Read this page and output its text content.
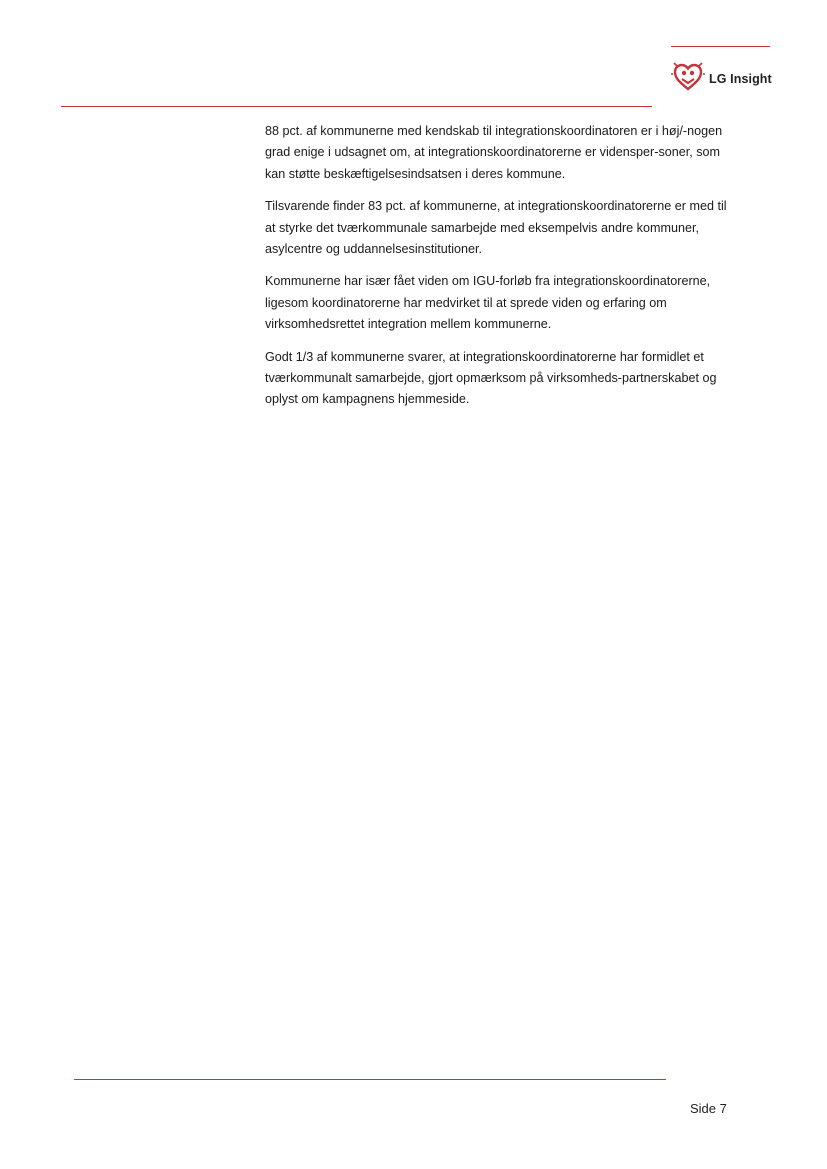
LG Insight

88 pct. af kommunerne med kendskab til integrationskoordinatoren er i høj/-nogen grad enige i udsagnet om, at integrationskoordinatorerne er vidensper-soner, som kan støtte beskæftigelsesindsatsen i deres kommune.

Tilsvarende finder 83 pct. af kommunerne, at integrationskoordinatorerne er med til at styrke det tværkommunale samarbejde med eksempelvis andre kommuner, asylcentre og uddannelsesinstitutioner.

Kommunerne har især fået viden om IGU-forløb fra integrationskoordinatorerne, ligesom koordinatorerne har medvirket til at sprede viden og erfaring om virksomhedsrettet integration mellem kommunerne.

Godt 1/3 af kommunerne svarer, at integrationskoordinatorerne har formidlet et tværkommunalt samarbejde, gjort opmærksom på virksomheds-partnerskabet og oplyst om kampagnens hjemmeside.

Side 7
